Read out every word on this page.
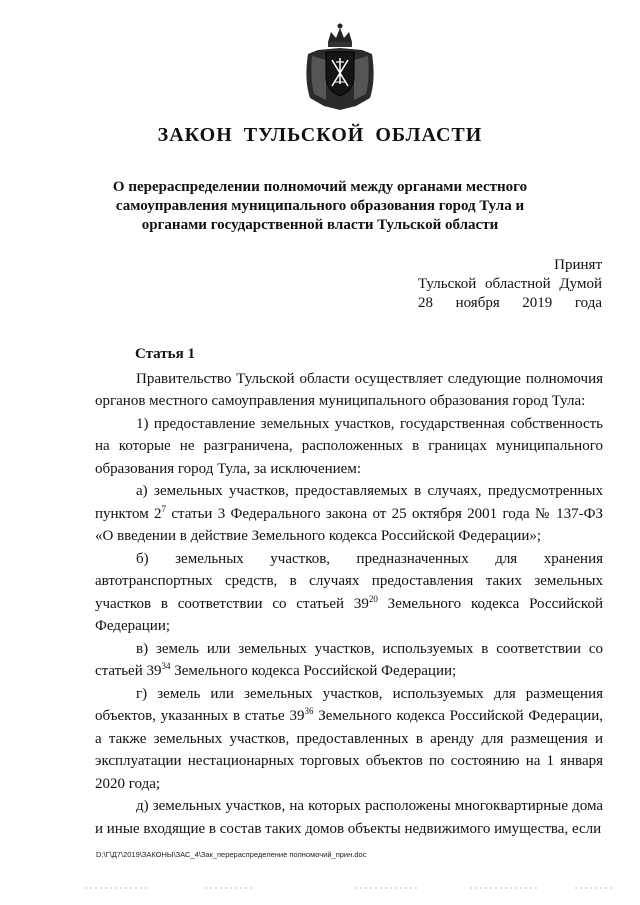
ЗАКОН ТУЛЬСКОЙ ОБЛАСТИ
О перераспределении полномочий между органами местного самоуправления муниципального образования город Тула и органами государственной власти Тульской области
Принят
Тульской областной Думой
28 ноября 2019 года

Статья 1

Правительство Тульской области осуществляет следующие полномочия органов местного самоуправления муниципального образования город Тула:

1) предоставление земельных участков, государственная собственность на которые не разграничена, расположенных в границах муниципального образования город Тула, за исключением:

а) земельных участков, предоставляемых в случаях, предусмотренных пунктом $2^7$ статьи 3 Федерального закона от 25 октября 2001 года № 137-ФЗ «О введении в действие Земельного кодекса Российской Федерации»;

б) земельных участков, предназначенных для хранения автотранспортных средств, в случаях предоставления таких земельных участков в соответствии со статьей $39^{20}$ Земельного кодекса Российской Федерации;

в) земель или земельных участков, используемых в соответствии со статьей $39^{34}$ Земельного кодекса Российской Федерации;

г) земель или земельных участков, используемых для размещения объектов, указанных в статье $39^{36}$ Земельного кодекса Российской Федерации, а также земельных участков, предоставленных в аренду для размещения и эксплуатации нестационарных торговых объектов по состоянию на 1 января 2020 года;

д) земельных участков, на которых расположены многоквартирные дома и иные входящие в состав таких домов объекты недвижимого имущества, если

D:\Г\Д7\2019\ЗАКОНЫ\ЗАС_4\Зак_перераспределение полномочий_прин.doc
